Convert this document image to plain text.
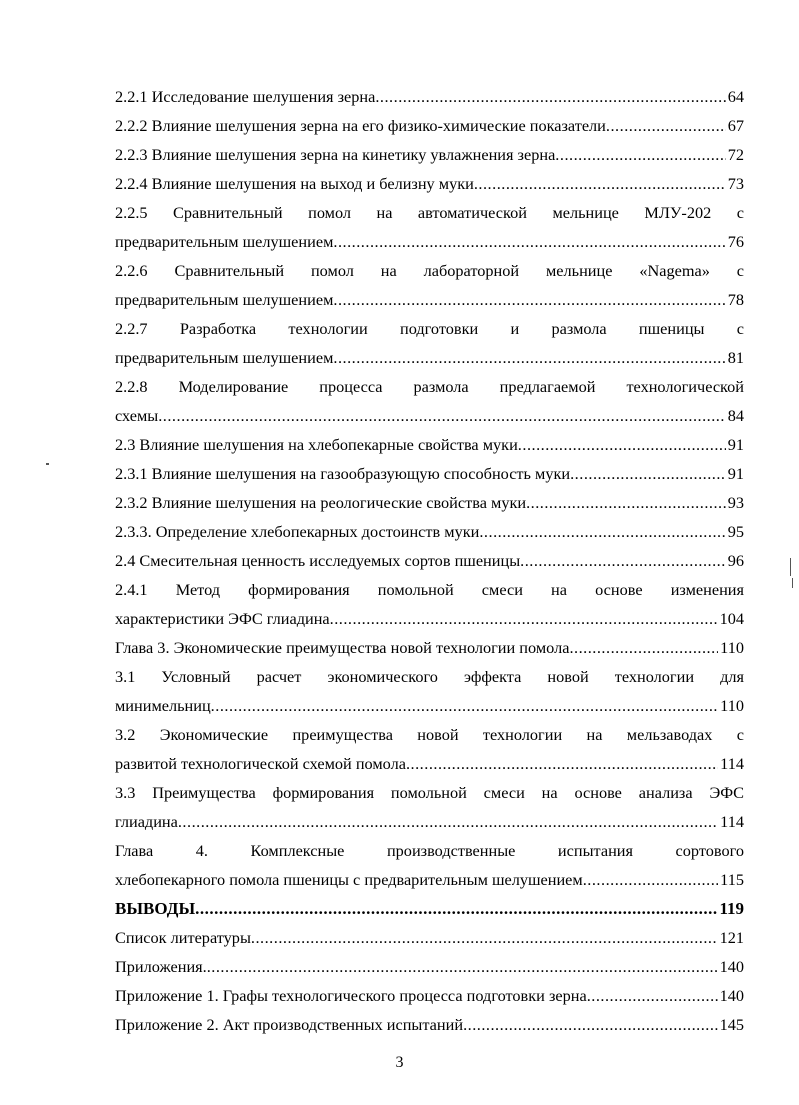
2.2.1 Исследование шелушения зерна .....	64
2.2.2 Влияние шелушения зерна на его физико-химические показатели .....	67
2.2.3 Влияние шелушения зерна на кинетику увлажнения зерна .....	72
2.2.4 Влияние шелушения на выход и белизну муки .....	73
2.2.5 Сравнительный помол на автоматической мельнице МЛУ-202 с
предварительным шелушением .....	76
2.2.6 Сравнительный помол на лабораторной мельнице «Nagema» с
предварительным шелушением .....	78
2.2.7 Разработка технологии подготовки и размола пшеницы с
предварительным шелушением .....	81
2.2.8 Моделирование процесса размола предлагаемой технологической
схемы .....	84
2.3 Влияние шелушения на хлебопекарные свойства муки .....	91
2.3.1 Влияние шелушения на газообразующую способность муки .....	91
2.3.2 Влияние шелушения на реологические свойства муки .....	93
2.3.3. Определение хлебопекарных достоинств муки .....	95
2.4 Смесительная ценность исследуемых сортов пшеницы .....	96
2.4.1 Метод формирования помольной смеси на основе изменения
характеристики ЭФС глиадина .....	104
Глава 3. Экономические преимущества новой технологии помола .....	110
3.1 Условный расчет экономического эффекта новой технологии для
минимельниц .....	110
3.2 Экономические преимущества новой технологии на мельзаводах с
развитой технологической схемой помола .....	114
3.3 Преимущества формирования помольной смеси на основе анализа ЭФС
глиадина .....	114
Глава 4. Комплексные производственные испытания сортового
хлебопекарного помола пшеницы с предварительным шелушением .....	115
ВЫВОДЫ .....	119
Список литературы .....	121
Приложения. .....	140
Приложение 1. Графы технологического процесса подготовки зерна .....	140
Приложение 2. Акт производственных испытаний .....	145
3
